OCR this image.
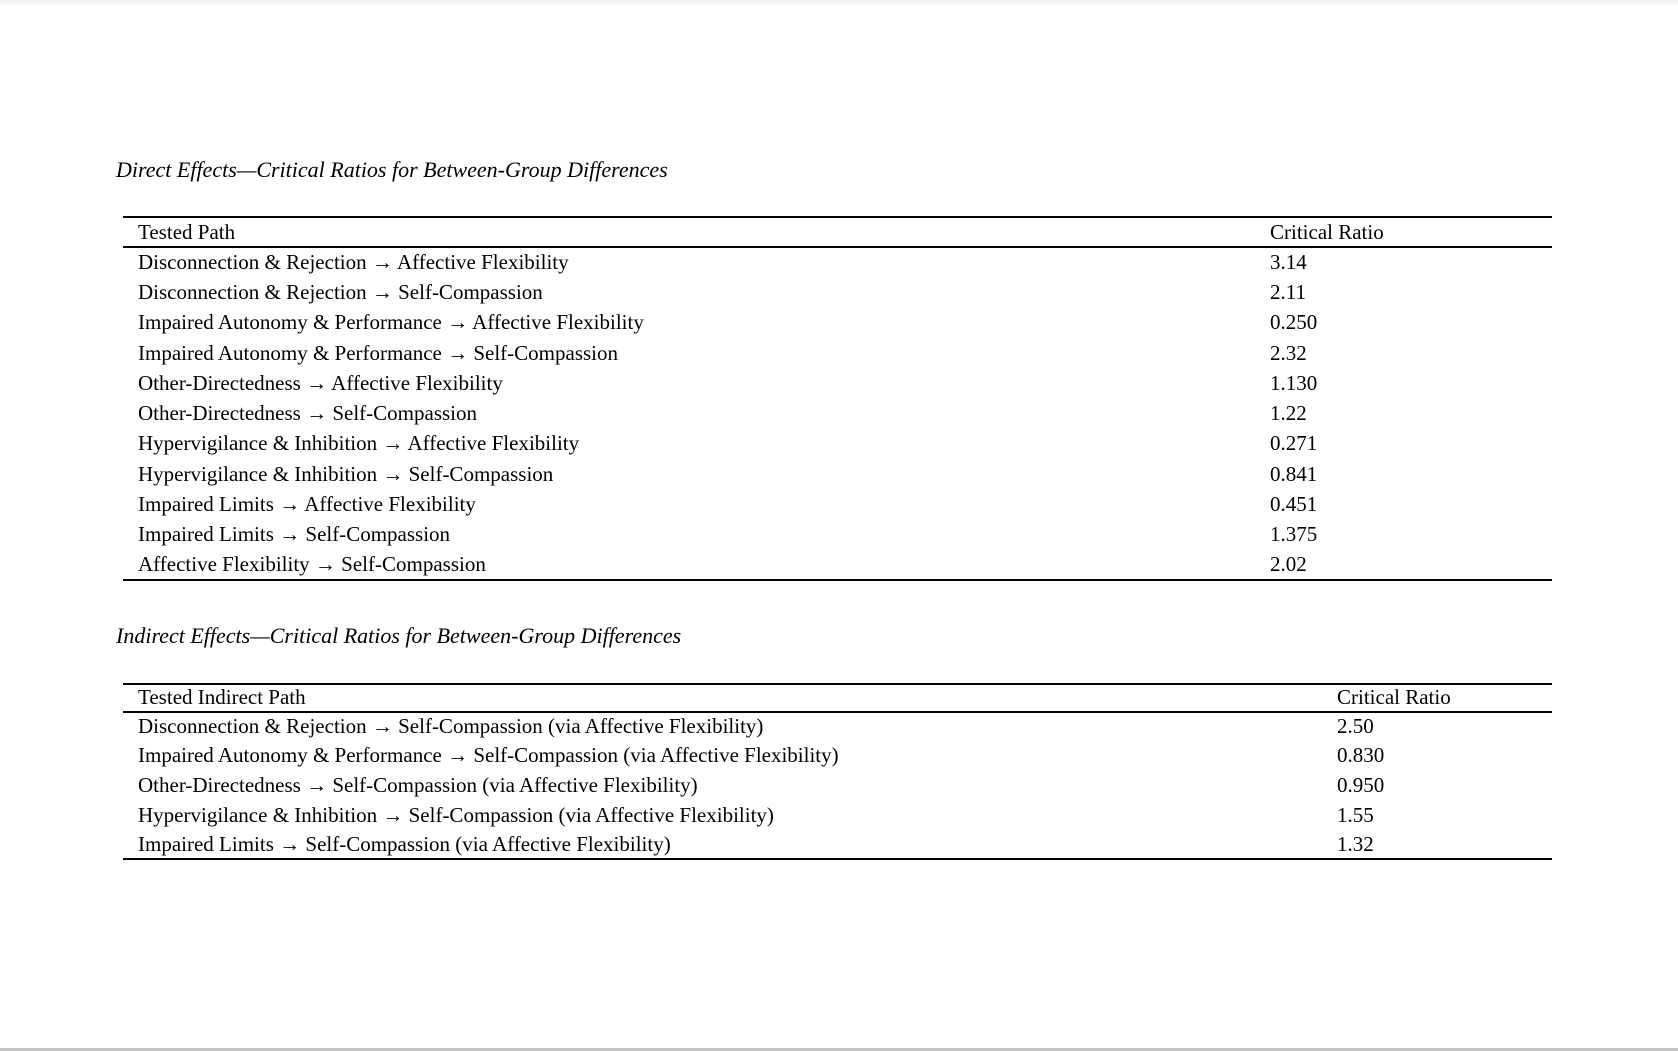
Direct Effects—Critical Ratios for Between-Group Differences
Tested Path	Critical Ratio
Disconnection & Rejection → Affective Flexibility	3.14
Disconnection & Rejection → Self-Compassion	2.11
Impaired Autonomy & Performance → Affective Flexibility	0.250
Impaired Autonomy & Performance → Self-Compassion	2.32
Other-Directedness → Affective Flexibility	1.130
Other-Directedness → Self-Compassion	1.22
Hypervigilance & Inhibition → Affective Flexibility	0.271
Hypervigilance & Inhibition → Self-Compassion	0.841
Impaired Limits → Affective Flexibility	0.451
Impaired Limits → Self-Compassion	1.375
Affective Flexibility → Self-Compassion	2.02
Indirect Effects—Critical Ratios for Between-Group Differences
Tested Indirect Path	Critical Ratio
Disconnection & Rejection → Self-Compassion (via Affective Flexibility)	2.50
Impaired Autonomy & Performance → Self-Compassion (via Affective Flexibility)	0.830
Other-Directedness → Self-Compassion (via Affective Flexibility)	0.950
Hypervigilance & Inhibition → Self-Compassion (via Affective Flexibility)	1.55
Impaired Limits → Self-Compassion (via Affective Flexibility)	1.32
